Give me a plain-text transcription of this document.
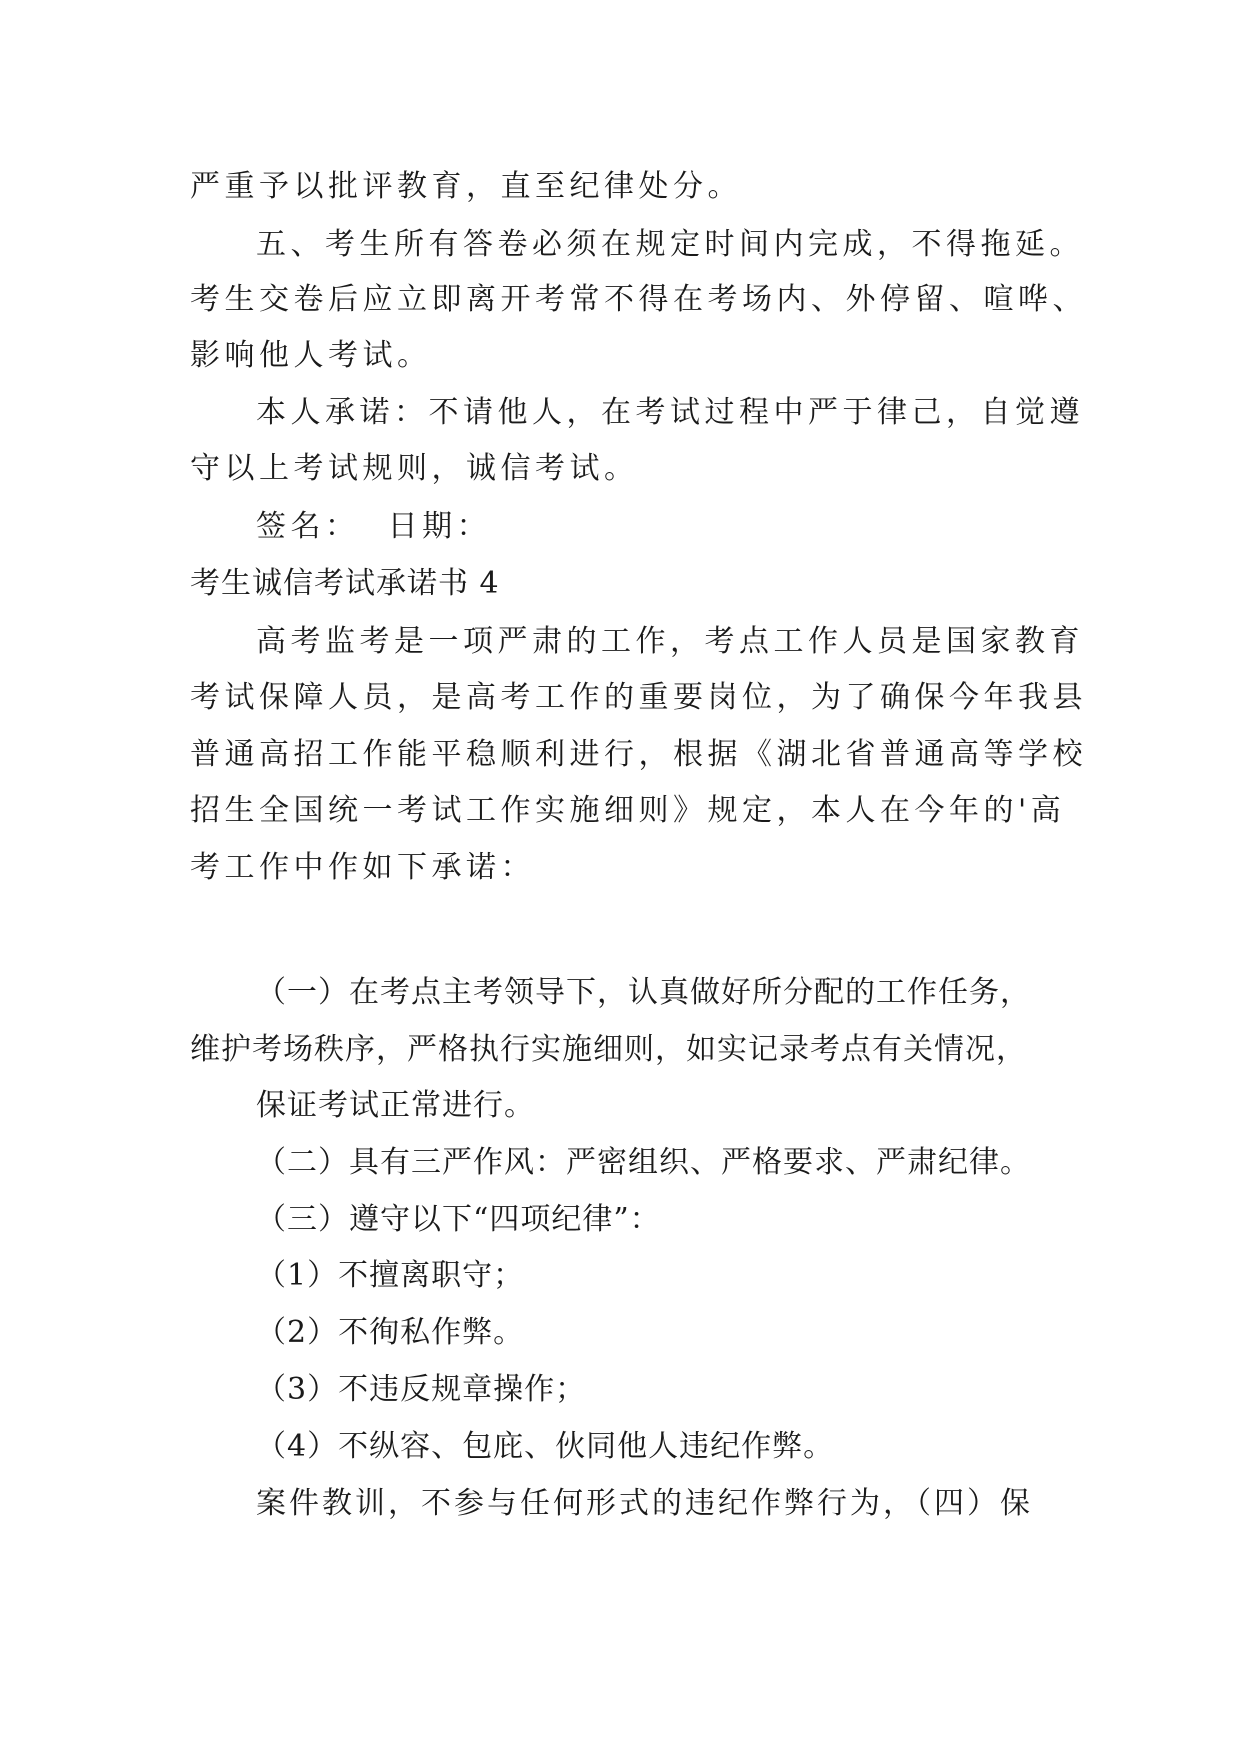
严重予以批评教育，直至纪律处分。
五、考生所有答卷必须在规定时间内完成，不得拖延。
考生交卷后应立即离开考常不得在考场内、外停留、喧哗、
影响他人考试。
本人承诺：不请他人，在考试过程中严于律己，自觉遵
守以上考试规则，诚信考试。
签名：  日期：
考生诚信考试承诺书 4
高考监考是一项严肃的工作，考点工作人员是国家教育
考试保障人员，是高考工作的重要岗位，为了确保今年我县
普通高招工作能平稳顺利进行，根据《湖北省普通高等学校
招生全国统一考试工作实施细则》规定，本人在今年的'高
考工作中作如下承诺：
（一）在考点主考领导下，认真做好所分配的工作任务，
维护考场秩序，严格执行实施细则，如实记录考点有关情况，
保证考试正常进行。
（二）具有三严作风：严密组织、严格要求、严肃纪律。
（三）遵守以下“四项纪律”：
（1）不擅离职守；
（2）不徇私作弊。
（3）不违反规章操作；
（4）不纵容、包庇、伙同他人违纪作弊。
案件教训，不参与任何形式的违纪作弊行为，（四）保
